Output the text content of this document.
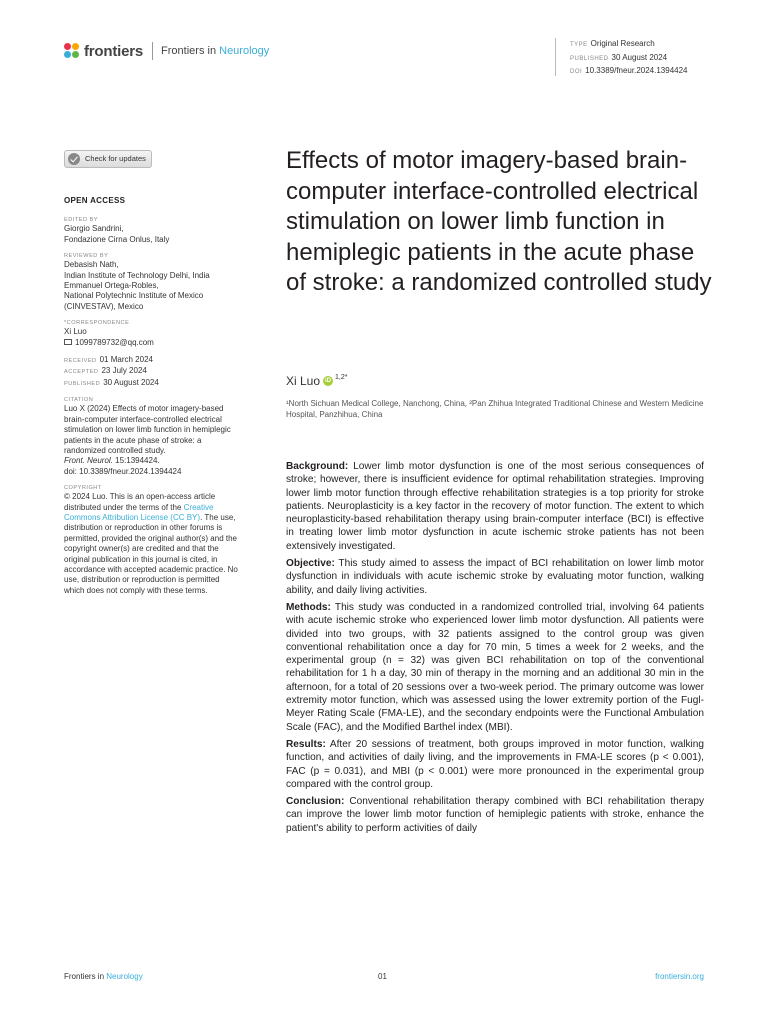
frontiers Frontiers in Neurology	TYPE Original Research
PUBLISHED 30 August 2024
DOI 10.3389/fneur.2024.1394424
Check for updates
OPEN ACCESS
EDITED BY
Giorgio Sandrini,
Fondazione Cirna Onlus, Italy
REVIEWED BY
Debasish Nath,
Indian Institute of Technology Delhi, India
Emmanuel Ortega-Robles,
National Polytechnic Institute of Mexico
(CINVESTAV), Mexico
*CORRESPONDENCE
Xi Luo
1099789732@qq.com
RECEIVED 01 March 2024
ACCEPTED 23 July 2024
PUBLISHED 30 August 2024
CITATION
Luo X (2024) Effects of motor imagery-based brain-computer interface-controlled electrical stimulation on lower limb function in hemiplegic patients in the acute phase of stroke: a randomized controlled study.
Front. Neurol. 15:1394424.
doi: 10.3389/fneur.2024.1394424
COPYRIGHT
© 2024 Luo. This is an open-access article distributed under the terms of the Creative Commons Attribution License (CC BY). The use, distribution or reproduction in other forums is permitted, provided the original author(s) and the copyright owner(s) are credited and that the original publication in this journal is cited, in accordance with accepted academic practice. No use, distribution or reproduction is permitted which does not comply with these terms.
Effects of motor imagery-based brain-computer interface-controlled electrical stimulation on lower limb function in hemiplegic patients in the acute phase of stroke: a randomized controlled study
Xi Luo iD $^{1,2*}$
¹North Sichuan Medical College, Nanchong, China, ²Pan Zhihua Integrated Traditional Chinese and Western Medicine Hospital, Panzhihua, China

Background: Lower limb motor dysfunction is one of the most serious consequences of stroke; however, there is insufficient evidence for optimal rehabilitation strategies. Improving lower limb motor function through effective rehabilitation strategies is a top priority for stroke patients. Neuroplasticity is a key factor in the recovery of motor function. The extent to which neuroplasticity-based rehabilitation therapy using brain-computer interface (BCI) is effective in treating lower limb motor dysfunction in acute ischemic stroke patients has not been extensively investigated.

Objective: This study aimed to assess the impact of BCI rehabilitation on lower limb motor dysfunction in individuals with acute ischemic stroke by evaluating motor function, walking ability, and daily living activities.

Methods: This study was conducted in a randomized controlled trial, involving 64 patients with acute ischemic stroke who experienced lower limb motor dysfunction. All patients were divided into two groups, with 32 patients assigned to the control group was given conventional rehabilitation once a day for 70 min, 5 times a week for 2 weeks, and the experimental group (n = 32) was given BCI rehabilitation on top of the conventional rehabilitation for 1 h a day, 30 min of therapy in the morning and an additional 30 min in the afternoon, for a total of 20 sessions over a two-week period. The primary outcome was lower extremity motor function, which was assessed using the lower extremity portion of the Fugl-Meyer Rating Scale (FMA-LE), and the secondary endpoints were the Functional Ambulation Scale (FAC), and the Modified Barthel index (MBI).

Results: After 20 sessions of treatment, both groups improved in motor function, walking function, and activities of daily living, and the improvements in FMA-LE scores (p < 0.001), FAC (p = 0.031), and MBI (p < 0.001) were more pronounced in the experimental group compared with the control group.

Conclusion: Conventional rehabilitation therapy combined with BCI rehabilitation therapy can improve the lower limb motor function of hemiplegic patients with stroke, enhance the patient's ability to perform activities of daily

Frontiers in Neurology	01	frontiersin.org
